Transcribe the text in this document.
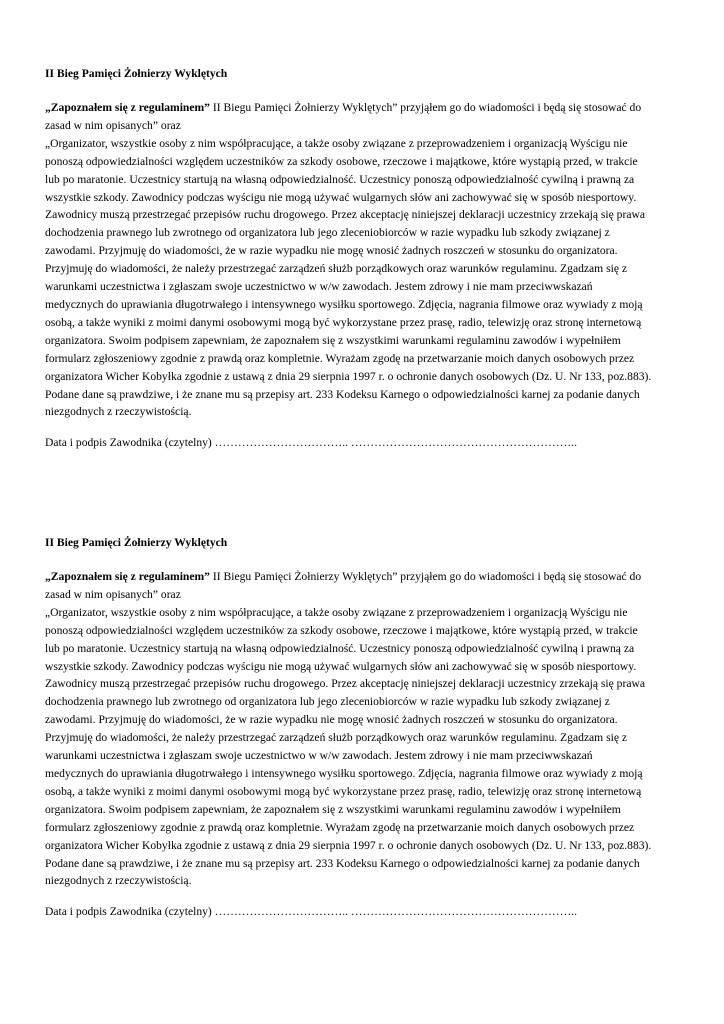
II Bieg Pamięci Żołnierzy Wyklętych
„Zapoznałem się z regulaminem” II Biegu Pamięci Żołnierzy Wyklętych” przyjąłem go do wiadomości i będą się stosować do
zasad w nim opisanych” oraz
„Organizator, wszystkie osoby z nim współpracujące, a także osoby związane z przeprowadzeniem i organizacją Wyścigu nie
ponoszą odpowiedzialności względem uczestników za szkody osobowe, rzeczowe i majątkowe, które wystąpią przed, w trakcie
lub po maratonie. Uczestnicy startują na własną odpowiedzialność. Uczestnicy ponoszą odpowiedzialność cywilną i prawną za
wszystkie szkody. Zawodnicy podczas wyścigu nie mogą używać wulgarnych słów ani zachowywać się w sposób niesportowy.
Zawodnicy muszą przestrzegać przepisów ruchu drogowego. Przez akceptację niniejszej deklaracji uczestnicy zrzekają się prawa
dochodzenia prawnego lub zwrotnego od organizatora lub jego zleceniobiorców w razie wypadku lub szkody związanej z
zawodami. Przyjmuję do wiadomości, że w razie wypadku nie mogę wnosić żadnych roszczeń w stosunku do organizatora.
Przyjmuję do wiadomości, że należy przestrzegać zarządzeń służb porządkowych oraz warunków regulaminu. Zgadzam się z
warunkami uczestnictwa i zgłaszam swoje uczestnictwo w w/w zawodach. Jestem zdrowy i nie mam przeciwwskazań
medycznych do uprawiania długotrwałego i intensywnego wysiłku sportowego. Zdjęcia, nagrania filmowe oraz wywiady z moją
osobą, a także wyniki z moimi danymi osobowymi mogą być wykorzystane przez prasę, radio, telewizję oraz stronę internetową
organizatora. Swoim podpisem zapewniam, że zapoznałem się z wszystkimi warunkami regulaminu zawodów i wypełniłem
formularz zgłoszeniowy zgodnie z prawdą oraz kompletnie. Wyrażam zgodę na przetwarzanie moich danych osobowych przez
organizatora Wicher Kobyłka zgodnie z ustawą z dnia 29 sierpnia 1997 r. o ochronie danych osobowych (Dz. U. Nr 133, poz.883).
Podane dane są prawdziwe, i że znane mu są przepisy art. 233 Kodeksu Karnego o odpowiedzialności karnej za podanie danych
niezgodnych z rzeczywistością.
Data i podpis Zawodnika (czytelny) …………………………….. …………………………………………………..
II Bieg Pamięci Żołnierzy Wyklętych
„Zapoznałem się z regulaminem” II Biegu Pamięci Żołnierzy Wyklętych” przyjąłem go do wiadomości i będą się stosować do
zasad w nim opisanych” oraz
„Organizator, wszystkie osoby z nim współpracujące, a także osoby związane z przeprowadzeniem i organizacją Wyścigu nie
ponoszą odpowiedzialności względem uczestników za szkody osobowe, rzeczowe i majątkowe, które wystąpią przed, w trakcie
lub po maratonie. Uczestnicy startują na własną odpowiedzialność. Uczestnicy ponoszą odpowiedzialność cywilną i prawną za
wszystkie szkody. Zawodnicy podczas wyścigu nie mogą używać wulgarnych słów ani zachowywać się w sposób niesportowy.
Zawodnicy muszą przestrzegać przepisów ruchu drogowego. Przez akceptację niniejszej deklaracji uczestnicy zrzekają się prawa
dochodzenia prawnego lub zwrotnego od organizatora lub jego zleceniobiorców w razie wypadku lub szkody związanej z
zawodami. Przyjmuję do wiadomości, że w razie wypadku nie mogę wnosić żadnych roszczeń w stosunku do organizatora.
Przyjmuję do wiadomości, że należy przestrzegać zarządzeń służb porządkowych oraz warunków regulaminu. Zgadzam się z
warunkami uczestnictwa i zgłaszam swoje uczestnictwo w w/w zawodach. Jestem zdrowy i nie mam przeciwwskazań
medycznych do uprawiania długotrwałego i intensywnego wysiłku sportowego. Zdjęcia, nagrania filmowe oraz wywiady z moją
osobą, a także wyniki z moimi danymi osobowymi mogą być wykorzystane przez prasę, radio, telewizję oraz stronę internetową
organizatora. Swoim podpisem zapewniam, że zapoznałem się z wszystkimi warunkami regulaminu zawodów i wypełniłem
formularz zgłoszeniowy zgodnie z prawdą oraz kompletnie. Wyrażam zgodę na przetwarzanie moich danych osobowych przez
organizatora Wicher Kobyłka zgodnie z ustawą z dnia 29 sierpnia 1997 r. o ochronie danych osobowych (Dz. U. Nr 133, poz.883).
Podane dane są prawdziwe, i że znane mu są przepisy art. 233 Kodeksu Karnego o odpowiedzialności karnej za podanie danych
niezgodnych z rzeczywistością.
Data i podpis Zawodnika (czytelny) …………………………….. …………………………………………………..
